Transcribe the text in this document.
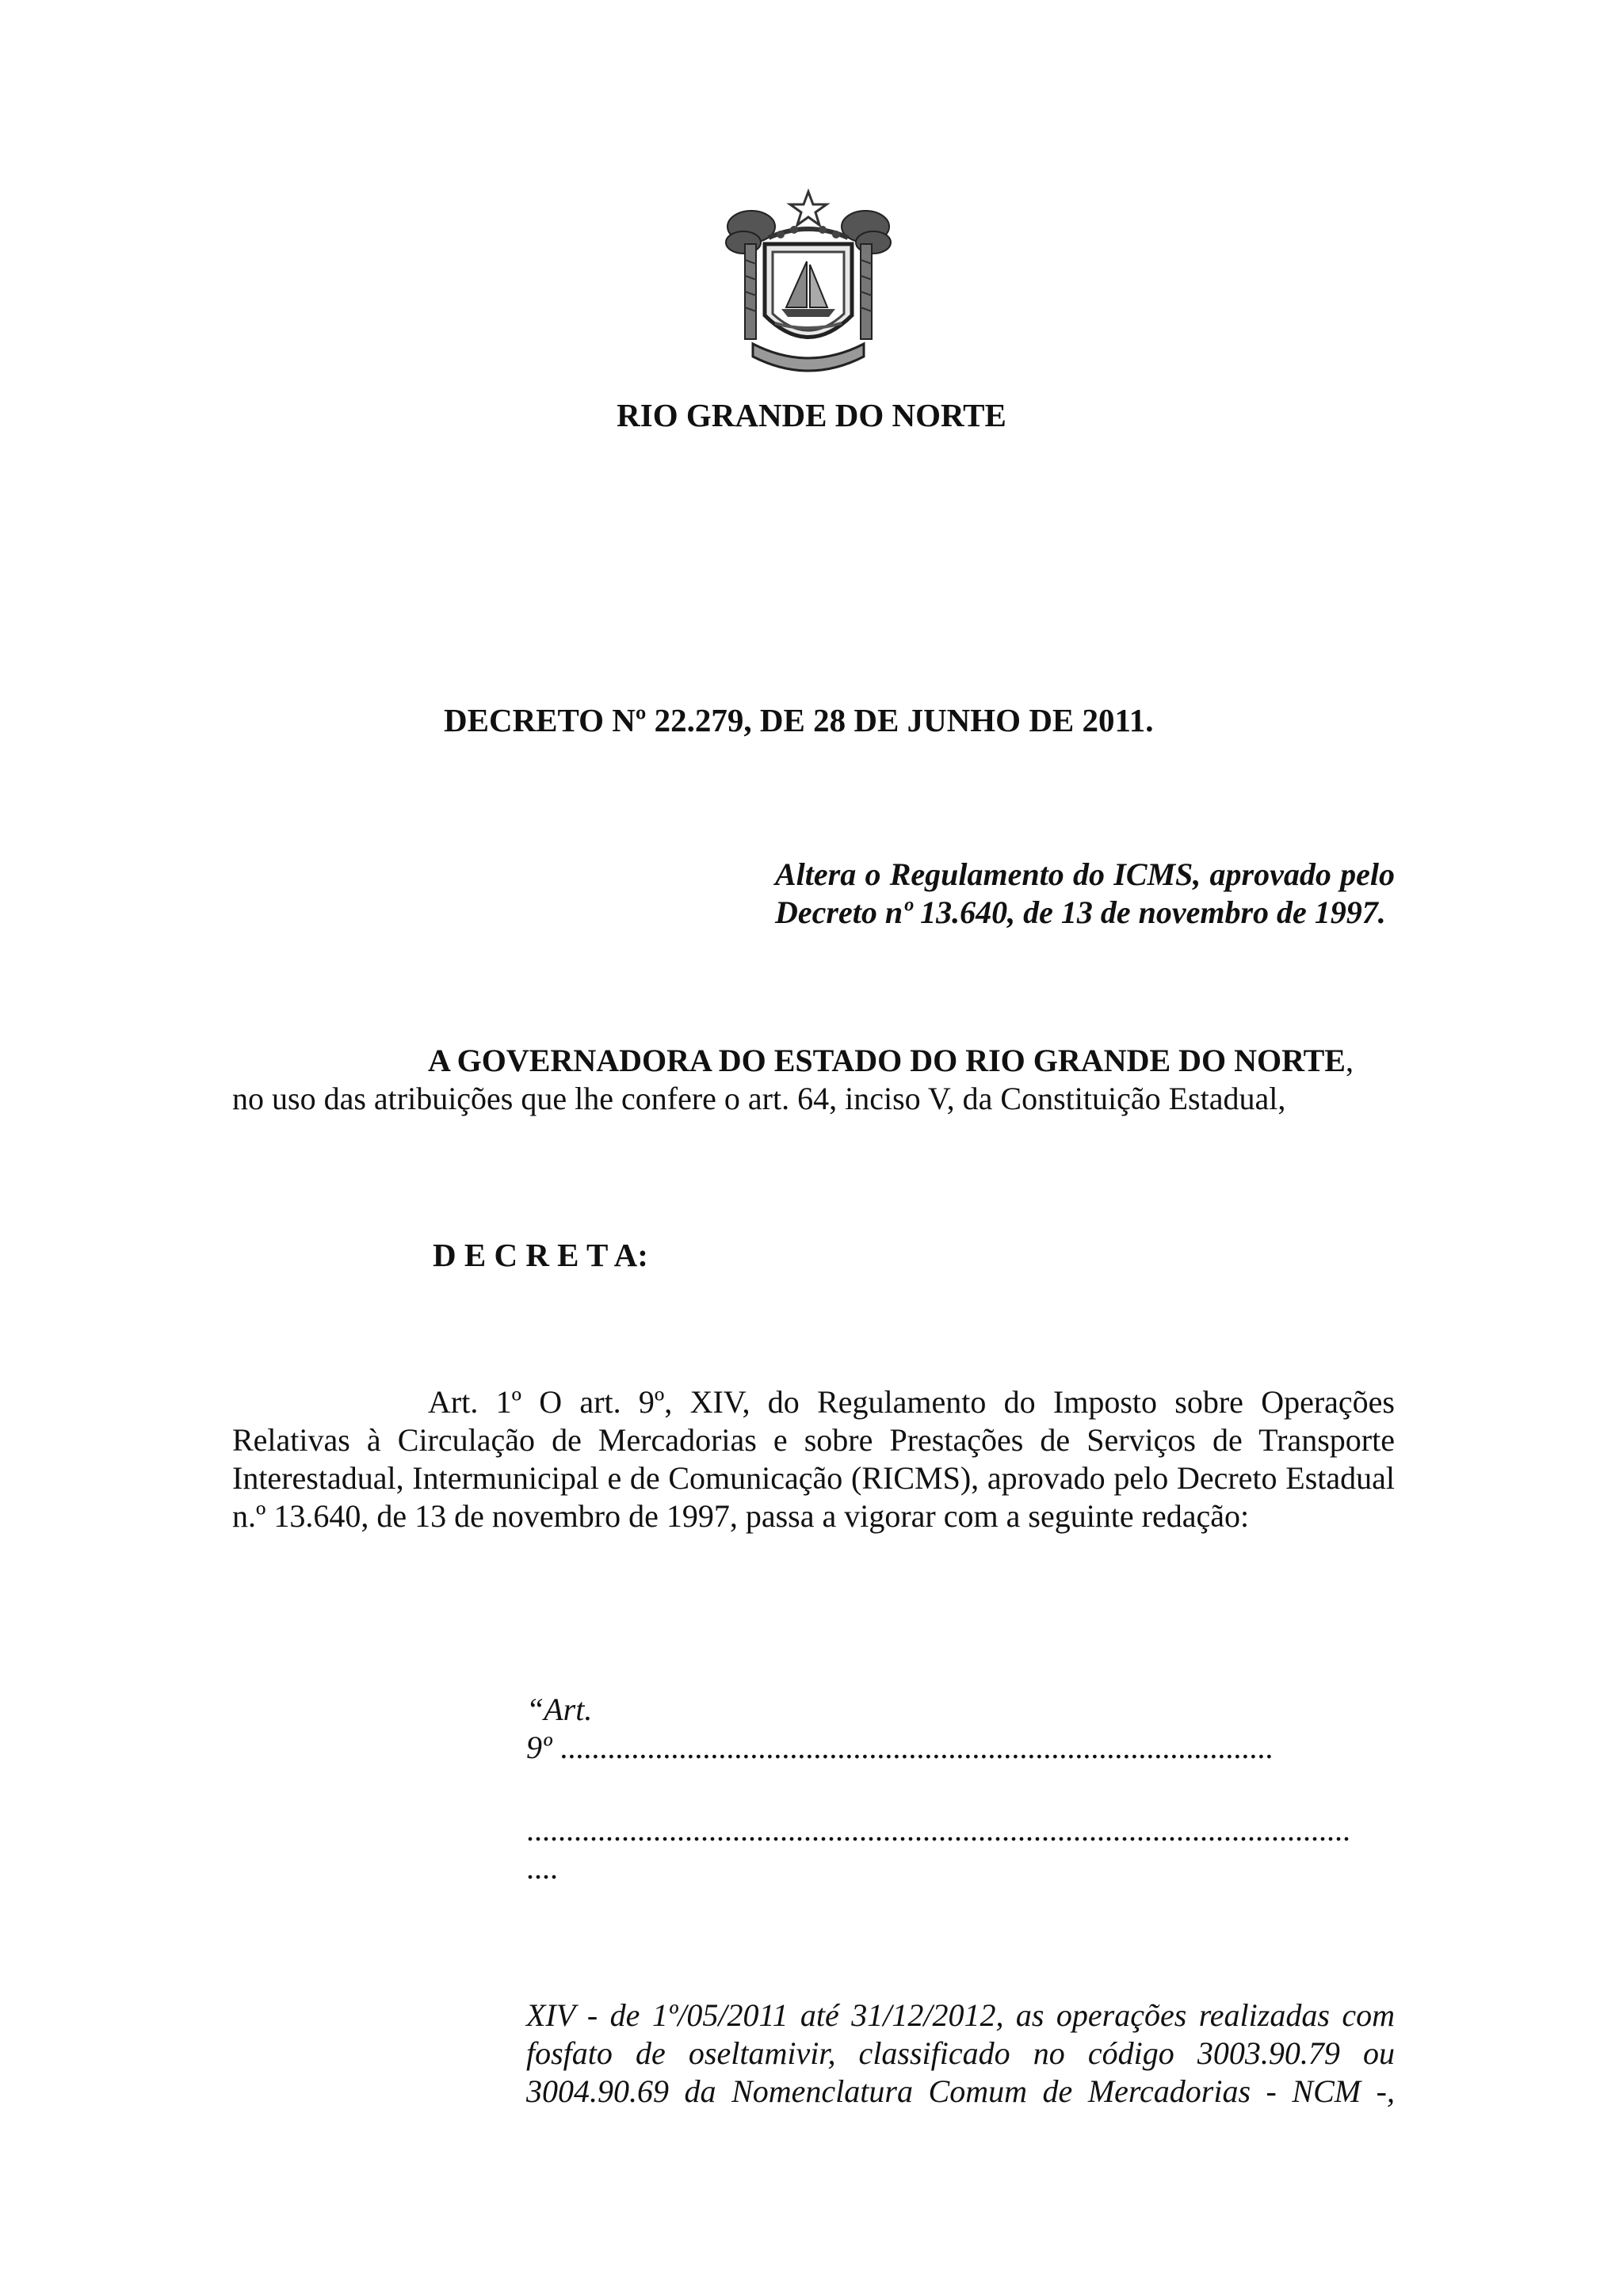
RIO GRANDE DO NORTE
DECRETO Nº 22.279, DE 28 DE JUNHO DE 2011.
Altera o Regulamento do ICMS, aprovado pelo Decreto nº 13.640, de 13 de novembro de 1997.
A GOVERNADORA DO ESTADO DO RIO GRANDE DO NORTE,
no uso das atribuições que lhe confere o art. 64, inciso V, da Constituição Estadual,
D E C R E T A:
Art. 1º O art. 9º, XIV, do Regulamento do Imposto sobre Operações Relativas à Circulação de Mercadorias e sobre Prestações de Serviços de Transporte Interestadual, Intermunicipal e de Comunicação (RICMS), aprovado pelo Decreto Estadual n.º 13.640, de 13 de novembro de 1997, passa a vigorar com a seguinte redação:
“Art.
9º ..........................................................................................
........................................................................................................
....
XIV - de 1º/05/2011 até 31/12/2012, as operações realizadas com fosfato de oseltamivir, classificado no código 3003.90.79 ou 3004.90.69 da Nomenclatura Comum de Mercadorias - NCM -,
